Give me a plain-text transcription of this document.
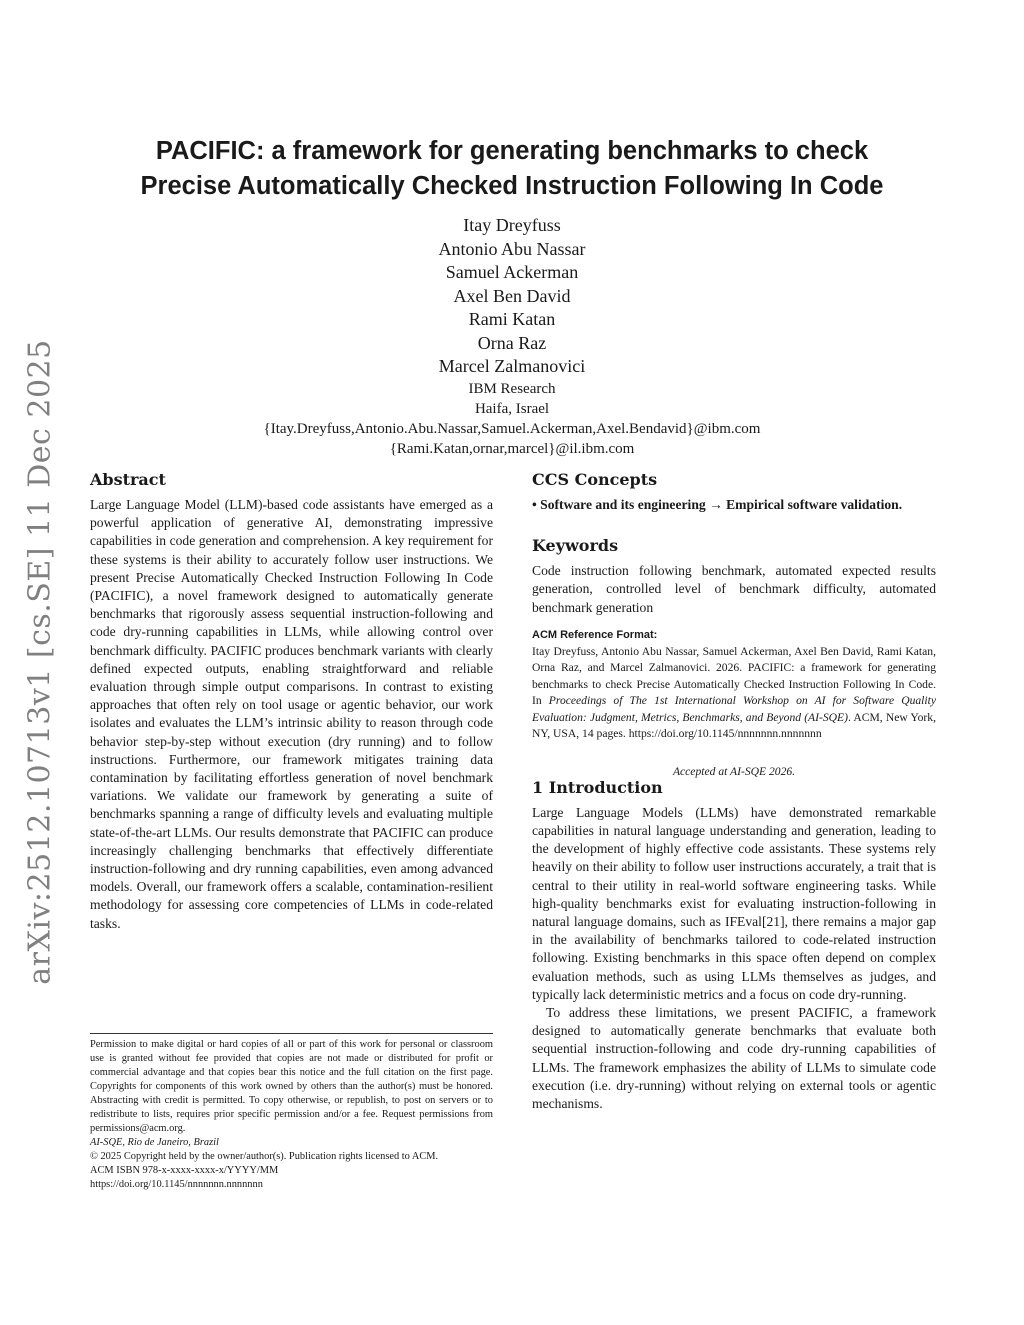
arXiv:2512.10713v1 [cs.SE] 11 Dec 2025
PACIFIC: a framework for generating benchmarks to check
Precise Automatically Checked Instruction Following In Code
Itay Dreyfuss
Antonio Abu Nassar
Samuel Ackerman
Axel Ben David
Rami Katan
Orna Raz
Marcel Zalmanovici
IBM Research
Haifa, Israel
{Itay.Dreyfuss,Antonio.Abu.Nassar,Samuel.Ackerman,Axel.Bendavid}@ibm.com
{Rami.Katan,ornar,marcel}@il.ibm.com
Abstract

Large Language Model (LLM)-based code assistants have emerged as a powerful application of generative AI, demonstrating impressive capabilities in code generation and comprehension. A key requirement for these systems is their ability to accurately follow user instructions. We present Precise Automatically Checked Instruction Following In Code (PACIFIC), a novel framework designed to automatically generate benchmarks that rigorously assess sequential instruction-following and code dry-running capabilities in LLMs, while allowing control over benchmark difficulty. PACIFIC produces benchmark variants with clearly defined expected outputs, enabling straightforward and reliable evaluation through simple output comparisons. In contrast to existing approaches that often rely on tool usage or agentic behavior, our work isolates and evaluates the LLM’s intrinsic ability to reason through code behavior step-by-step without execution (dry running) and to follow instructions. Furthermore, our framework mitigates training data contamination by facilitating effortless generation of novel benchmark variations. We validate our framework by generating a suite of benchmarks spanning a range of difficulty levels and evaluating multiple state-of-the-art LLMs. Our results demonstrate that PACIFIC can produce increasingly challenging benchmarks that effectively differentiate instruction-following and dry running capabilities, even among advanced models. Overall, our framework offers a scalable, contamination-resilient methodology for assessing core competencies of LLMs in code-related tasks.

Permission to make digital or hard copies of all or part of this work for personal or classroom use is granted without fee provided that copies are not made or distributed for profit or commercial advantage and that copies bear this notice and the full citation on the first page. Copyrights for components of this work owned by others than the author(s) must be honored. Abstracting with credit is permitted. To copy otherwise, or republish, to post on servers or to redistribute to lists, requires prior specific permission and/or a fee. Request permissions from permissions@acm.org.

AI-SQE, Rio de Janeiro, Brazil

© 2025 Copyright held by the owner/author(s). Publication rights licensed to ACM.

ACM ISBN 978-x-xxxx-xxxx-x/YYYY/MM

https://doi.org/10.1145/nnnnnnn.nnnnnnn

CCS Concepts

• Software and its engineering → Empirical software validation.

Keywords

Code instruction following benchmark, automated expected results generation, controlled level of benchmark difficulty, automated benchmark generation

ACM Reference Format:

Itay Dreyfuss, Antonio Abu Nassar, Samuel Ackerman, Axel Ben David, Rami Katan, Orna Raz, and Marcel Zalmanovici. 2026. PACIFIC: a framework for generating benchmarks to check Precise Automatically Checked Instruction Following In Code. In Proceedings of The 1st International Workshop on AI for Software Quality Evaluation: Judgment, Metrics, Benchmarks, and Beyond (AI-SQE). ACM, New York, NY, USA, 14 pages. https://doi.org/10.1145/nnnnnnn.nnnnnnn

Accepted at AI-SQE 2026.

1 Introduction

Large Language Models (LLMs) have demonstrated remarkable capabilities in natural language understanding and generation, leading to the development of highly effective code assistants. These systems rely heavily on their ability to follow user instructions accurately, a trait that is central to their utility in real-world software engineering tasks. While high-quality benchmarks exist for evaluating instruction-following in natural language domains, such as IFEval[21], there remains a major gap in the availability of benchmarks tailored to code-related instruction following. Existing benchmarks in this space often depend on complex evaluation methods, such as using LLMs themselves as judges, and typically lack deterministic metrics and a focus on code dry-running.

To address these limitations, we present PACIFIC, a framework designed to automatically generate benchmarks that evaluate both sequential instruction-following and code dry-running capabilities of LLMs. The framework emphasizes the ability of LLMs to simulate code execution (i.e. dry-running) without relying on external tools or agentic mechanisms.
